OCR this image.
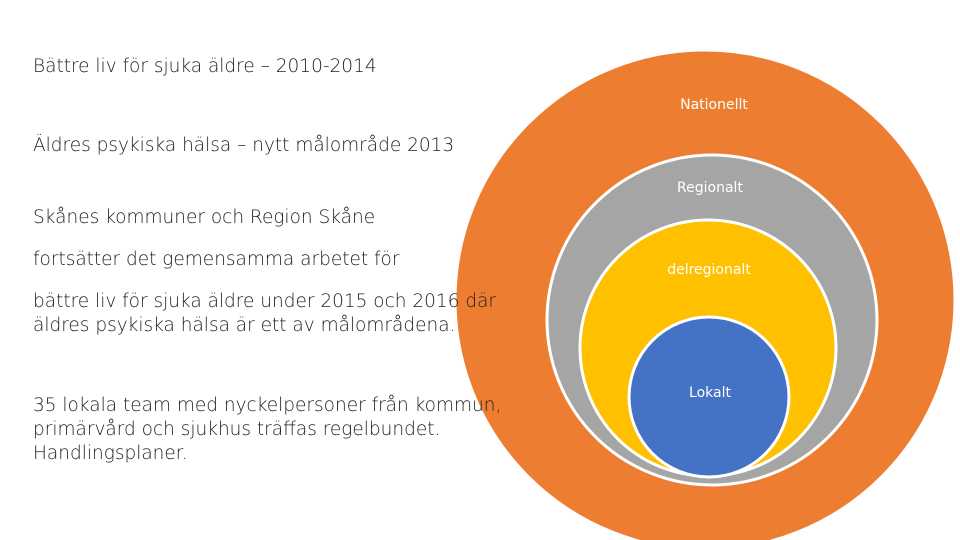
Nationellt
Regionalt
delregionalt
Lokalt

Bättre liv för sjuka äldre – 2010-2014

Äldres psykiska hälsa – nytt målområde 2013

Skånes kommuner och Region Skåne

fortsätter det gemensamma arbetet för

bättre liv för sjuka äldre under 2015 och 2016 där
äldres psykiska hälsa är ett av målområdena.

35 lokala team med nyckelpersoner från kommun,
primärvård och sjukhus träffas regelbundet.
Handlingsplaner.
